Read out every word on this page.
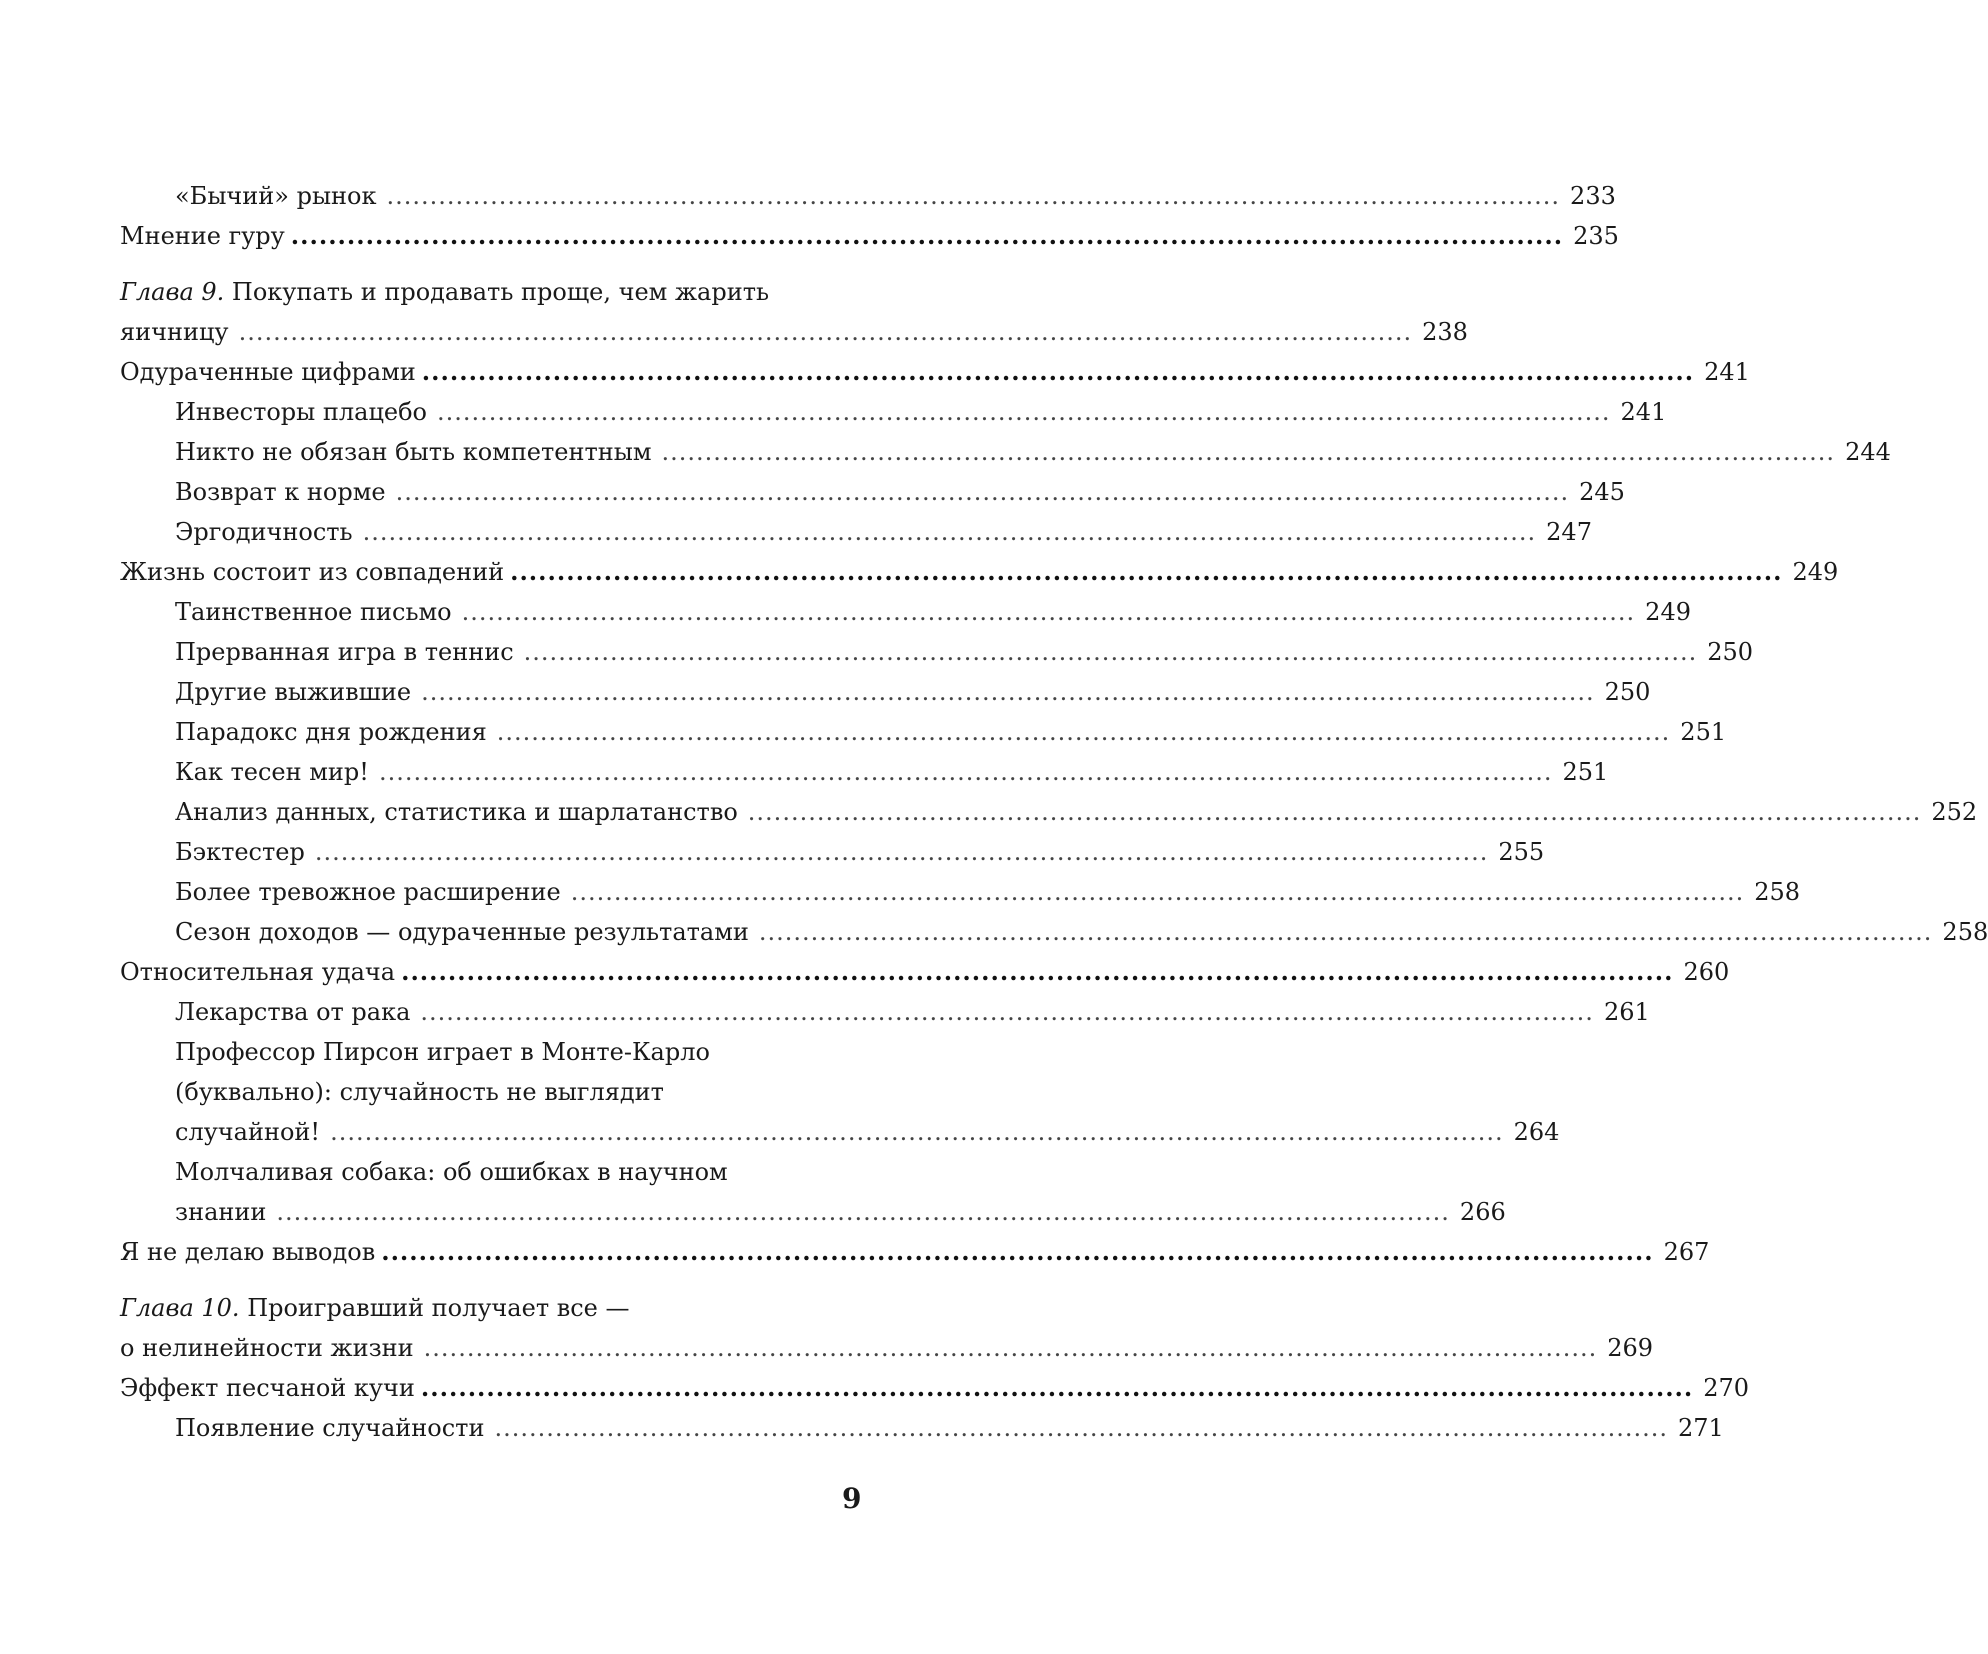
«Бычий» рынок ........................................................................................................................................ 233
Мнение гуру ........................................................................................................................................ 235
Глава 9. Покупать и продавать проще, чем жарить
яичницу ........................................................................................................................................ 238
Одураченные цифрами ........................................................................................................................................ 241
Инвесторы плацебо ........................................................................................................................................ 241
Никто не обязан быть компетентным ........................................................................................................................................ 244
Возврат к норме ........................................................................................................................................ 245
Эргодичность ........................................................................................................................................ 247
Жизнь состоит из совпадений ........................................................................................................................................ 249
Таинственное письмо ........................................................................................................................................ 249
Прерванная игра в теннис ........................................................................................................................................ 250
Другие выжившие ........................................................................................................................................ 250
Парадокс дня рождения ........................................................................................................................................ 251
Как тесен мир! ........................................................................................................................................ 251
Анализ данных, статистика и шарлатанство ........................................................................................................................................ 252
Бэктестер ........................................................................................................................................ 255
Более тревожное расширение ........................................................................................................................................ 258
Сезон доходов — одураченные результатами ........................................................................................................................................ 258
Относительная удача ........................................................................................................................................ 260
Лекарства от рака ........................................................................................................................................ 261
Профессор Пирсон играет в Монте-Карло
(буквально): случайность не выглядит
случайной! ........................................................................................................................................ 264
Молчаливая собака: об ошибках в научном
знании ........................................................................................................................................ 266
Я не делаю выводов ........................................................................................................................................ 267
Глава 10. Проигравший получает все —
о нелинейности жизни ........................................................................................................................................ 269
Эффект песчаной кучи ........................................................................................................................................ 270
Появление случайности ........................................................................................................................................ 271
9
